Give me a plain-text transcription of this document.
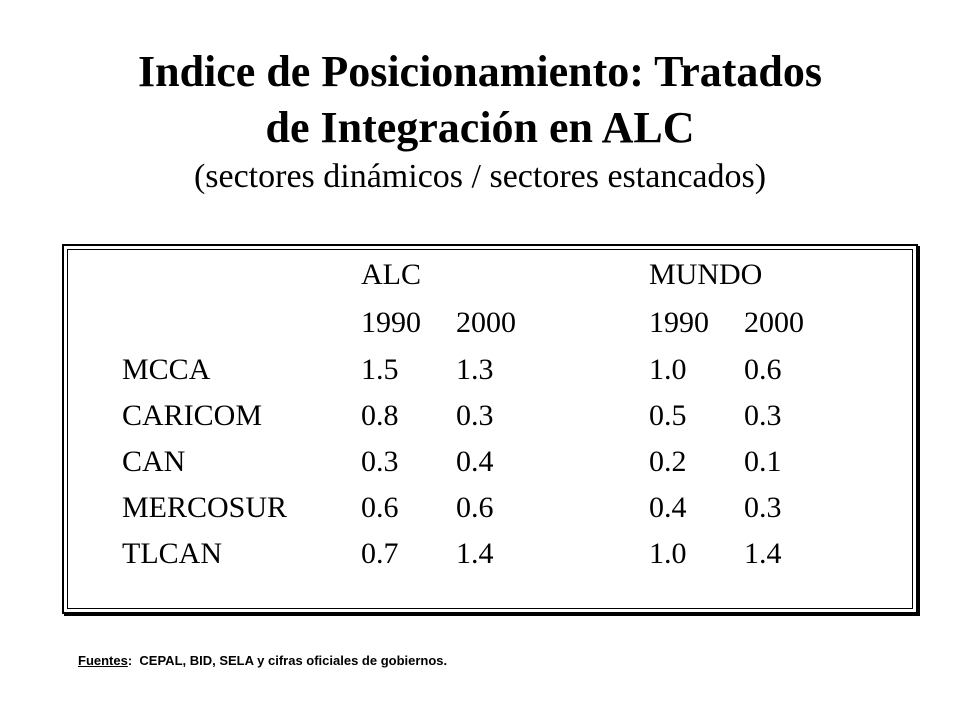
Indice de Posicionamiento: Tratados
de Integración en ALC
(sectores dinámicos / sectores estancados)
ALC	MUNDO
1990 2000	1990 2000
MCCA	1.5 1.3	1.0 0.6
CARICOM	0.8 0.3	0.5 0.3
CAN	0.3 0.4	0.2 0.1
MERCOSUR 0.6 0.6	0.4 0.3
TLCAN	0.7 1.4	1.0 1.4
Fuentes:  CEPAL, BID, SELA y cifras oficiales de gobiernos.
